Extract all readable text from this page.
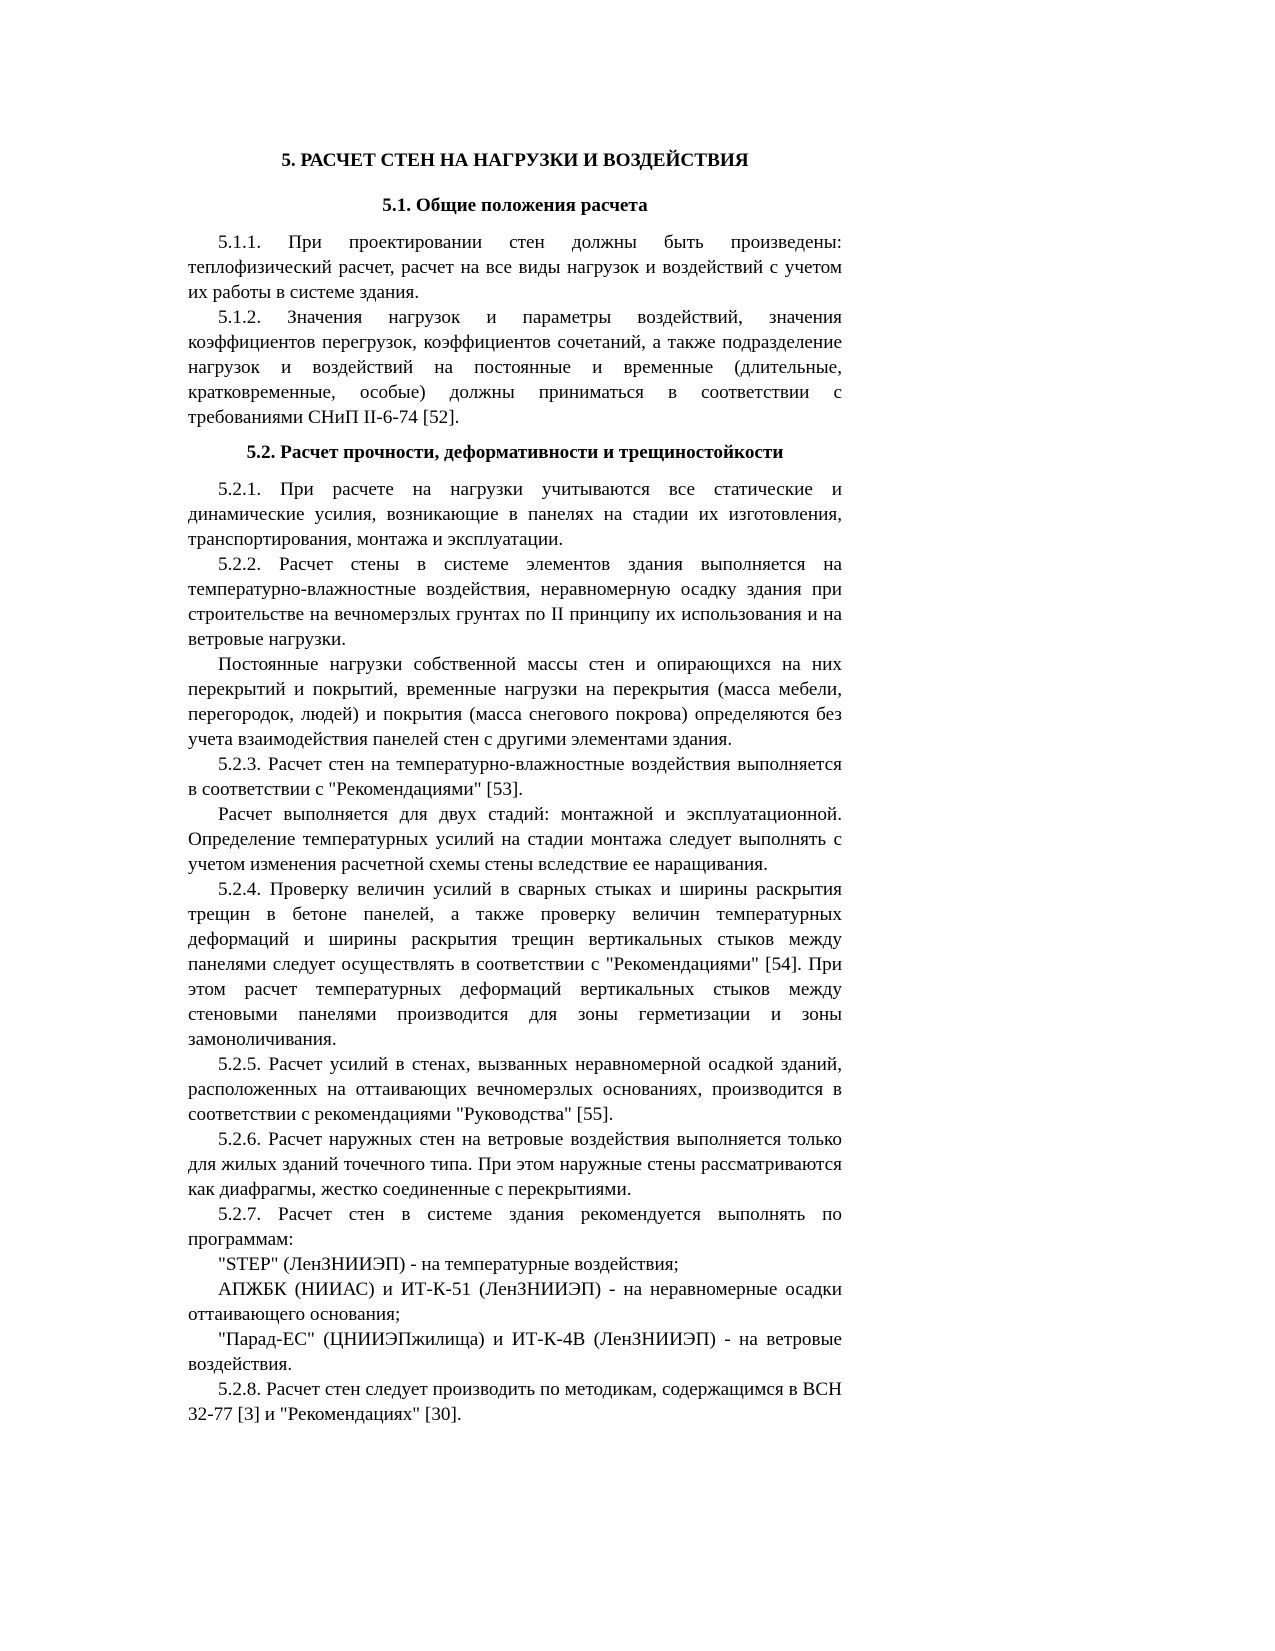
5. РАСЧЕТ СТЕН НА НАГРУЗКИ И ВОЗДЕЙСТВИЯ
5.1. Общие положения расчета

5.1.1. При проектировании стен должны быть произведены: теплофизический расчет, расчет на все виды нагрузок и воздействий с учетом их работы в системе здания.

5.1.2. Значения нагрузок и параметры воздействий, значения коэффициентов перегрузок, коэффициентов сочетаний, а также подразделение нагрузок и воздействий на постоянные и временные (длительные, кратковременные, особые) должны приниматься в соответствии с требованиями СНиП II-6-74 [52].

5.2. Расчет прочности, деформативности и трещиностойкости

5.2.1. При расчете на нагрузки учитываются все статические и динамические усилия, возникающие в панелях на стадии их изготовления, транспортирования, монтажа и эксплуатации.

5.2.2. Расчет стены в системе элементов здания выполняется на температурно-влажностные воздействия, неравномерную осадку здания при строительстве на вечномерзлых грунтах по II принципу их использования и на ветровые нагрузки.

Постоянные нагрузки собственной массы стен и опирающихся на них перекрытий и покрытий, временные нагрузки на перекрытия (масса мебели, перегородок, людей) и покрытия (масса снегового покрова) определяются без учета взаимодействия панелей стен с другими элементами здания.

5.2.3. Расчет стен на температурно-влажностные воздействия выполняется в соответствии с "Рекомендациями" [53].

Расчет выполняется для двух стадий: монтажной и эксплуатационной. Определение температурных усилий на стадии монтажа следует выполнять с учетом изменения расчетной схемы стены вследствие ее наращивания.

5.2.4. Проверку величин усилий в сварных стыках и ширины раскрытия трещин в бетоне панелей, а также проверку величин температурных деформаций и ширины раскрытия трещин вертикальных стыков между панелями следует осуществлять в соответствии с "Рекомендациями" [54]. При этом расчет температурных деформаций вертикальных стыков между стеновыми панелями производится для зоны герметизации и зоны замоноличивания.

5.2.5. Расчет усилий в стенах, вызванных неравномерной осадкой зданий, расположенных на оттаивающих вечномерзлых основаниях, производится в соответствии с рекомендациями "Руководства" [55].

5.2.6. Расчет наружных стен на ветровые воздействия выполняется только для жилых зданий точечного типа. При этом наружные стены рассматриваются как диафрагмы, жестко соединенные с перекрытиями.

5.2.7. Расчет стен в системе здания рекомендуется выполнять по программам:

"STEP" (ЛенЗНИИЭП) - на температурные воздействия;

АПЖБК (НИИАС) и ИТ-К-51 (ЛенЗНИИЭП) - на неравномерные осадки оттаивающего основания;

"Парад-ЕС" (ЦНИИЭПжилища) и ИТ-К-4В (ЛенЗНИИЭП) - на ветровые воздействия.

5.2.8. Расчет стен следует производить по методикам, содержащимся в ВСН 32-77 [3] и "Рекомендациях" [30].
